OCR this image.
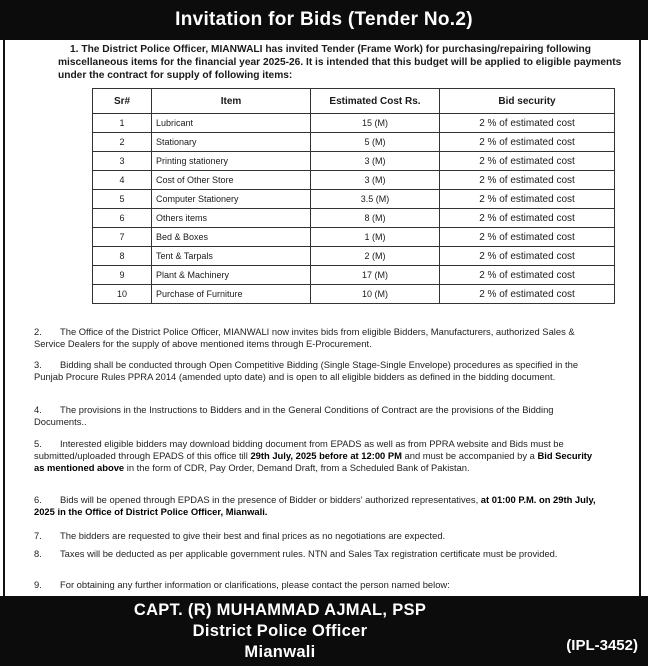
Invitation for Bids (Tender No.2)
1. The District Police Officer, MIANWALI has invited Tender (Frame Work) for purchasing/repairing following miscellaneous items for the financial year 2025-26. It is intended that this budget will be applied to eligible payments under the contract for supply of following items:
Sr#	Item	Estimated Cost Rs.	Bid security
1	Lubricant	15 (M)	2 % of estimated cost
2	Stationary	5 (M)	2 % of estimated cost
3	Printing stationery	3 (M)	2 % of estimated cost
4	Cost of Other Store	3 (M)	2 % of estimated cost
5	Computer Stationery	3.5 (M)	2 % of estimated cost
6	Others items	8 (M)	2 % of estimated cost
7	Bed & Boxes	1 (M)	2 % of estimated cost
8	Tent & Tarpals	2 (M)	2 % of estimated cost
9	Plant & Machinery	17 (M)	2 % of estimated cost
10	Purchase of Furniture	10 (M)	2 % of estimated cost
2. The Office of the District Police Officer, MIANWALI now invites bids from eligible Bidders, Manufacturers, authorized Sales & Service Dealers for the supply of above mentioned items through E-Procurement.
3. Bidding shall be conducted through Open Competitive Bidding (Single Stage-Single Envelope) procedures as specified in the Punjab Procure Rules PPRA 2014 (amended upto date) and is open to all eligible bidders as defined in the bidding document.
4. The provisions in the Instructions to Bidders and in the General Conditions of Contract are the provisions of the Bidding Documents..
5. Interested eligible bidders may download bidding document from EPADS as well as from PPRA website and Bids must be submitted/uploaded through EPADS of this office till 29th July, 2025 before at 12:00 PM and must be accompanied by a Bid Security as mentioned above in the form of CDR, Pay Order, Demand Draft, from a Scheduled Bank of Pakistan.
6. Bids will be opened through EPDAS in the presence of Bidder or bidders' authorized representatives, at 01:00 P.M. on 29th July, 2025 in the Office of District Police Officer, Mianwali.
7. The bidders are requested to give their best and final prices as no negotiations are expected.
8. Taxes will be deducted as per applicable government rules. NTN and Sales Tax registration certificate must be provided.
9. For obtaining any further information or clarifications, please contact the person named below:
CAPT. (R) MUHAMMAD AJMAL, PSP
District Police Officer
Mianwali	(IPL-3452)
